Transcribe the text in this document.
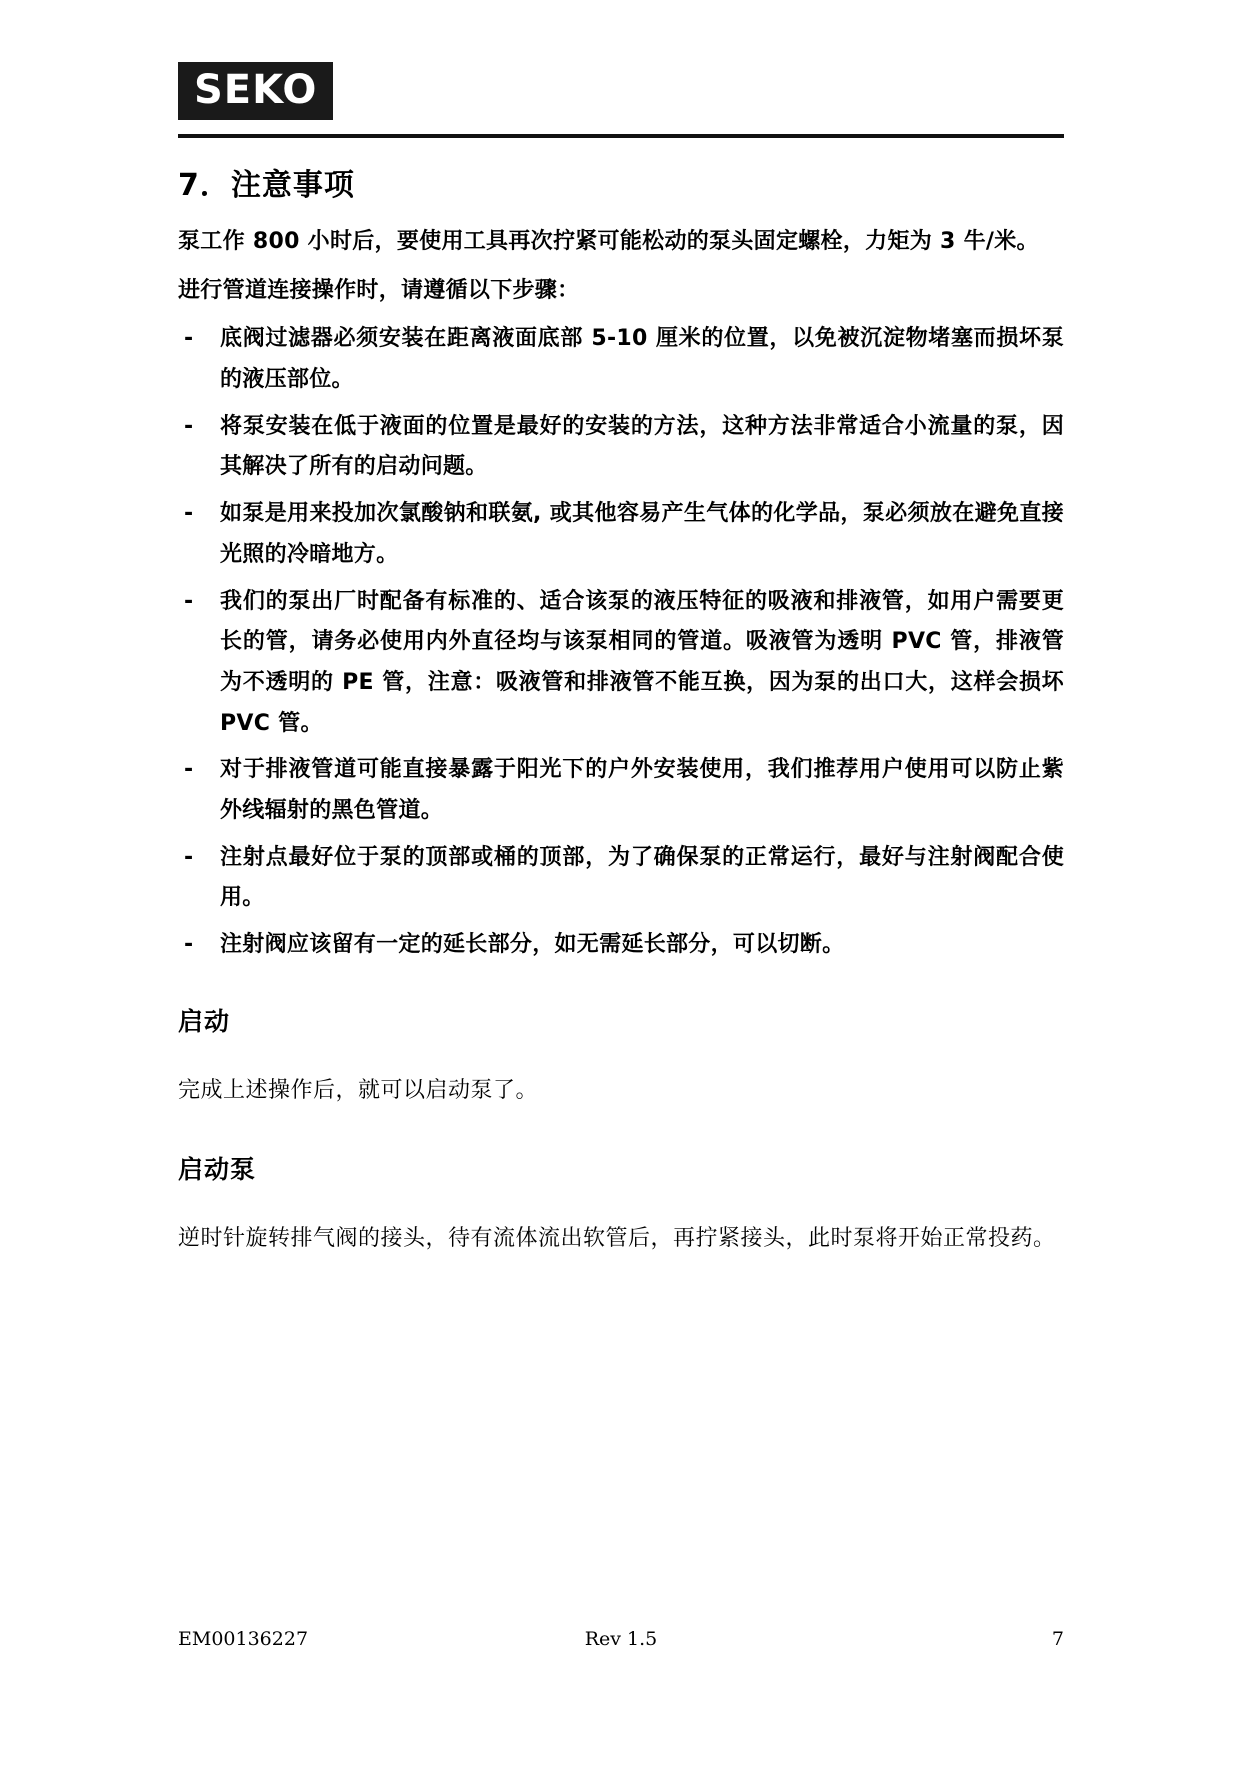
SEKO
7．注意事项

泵工作 800 小时后，要使用工具再次拧紧可能松动的泵头固定螺栓，力矩为 3 牛/米。

进行管道连接操作时，请遵循以下步骤：

- 底阀过滤器必须安装在距离液面底部 5-10 厘米的位置，以免被沉淀物堵塞而损坏泵的液压部位。
- 将泵安装在低于液面的位置是最好的安装的方法，这种方法非常适合小流量的泵，因其解决了所有的启动问题。
- 如泵是用来投加次氯酸钠和联氨, 或其他容易产生气体的化学品，泵必须放在避免直接光照的冷暗地方。
- 我们的泵出厂时配备有标准的、适合该泵的液压特征的吸液和排液管，如用户需要更长的管，请务必使用内外直径均与该泵相同的管道。吸液管为透明 PVC 管，排液管为不透明的 PE 管，注意：吸液管和排液管不能互换，因为泵的出口大，这样会损坏 PVC 管。
- 对于排液管道可能直接暴露于阳光下的户外安装使用，我们推荐用户使用可以防止紫外线辐射的黑色管道。
- 注射点最好位于泵的顶部或桶的顶部，为了确保泵的正常运行，最好与注射阀配合使用。
- 注射阀应该留有一定的延长部分，如无需延长部分，可以切断。
启动

完成上述操作后，就可以启动泵了。

启动泵

逆时针旋转排气阀的接头，待有流体流出软管后，再拧紧接头，此时泵将开始正常投药。

EM00136227	Rev 1.5	7
